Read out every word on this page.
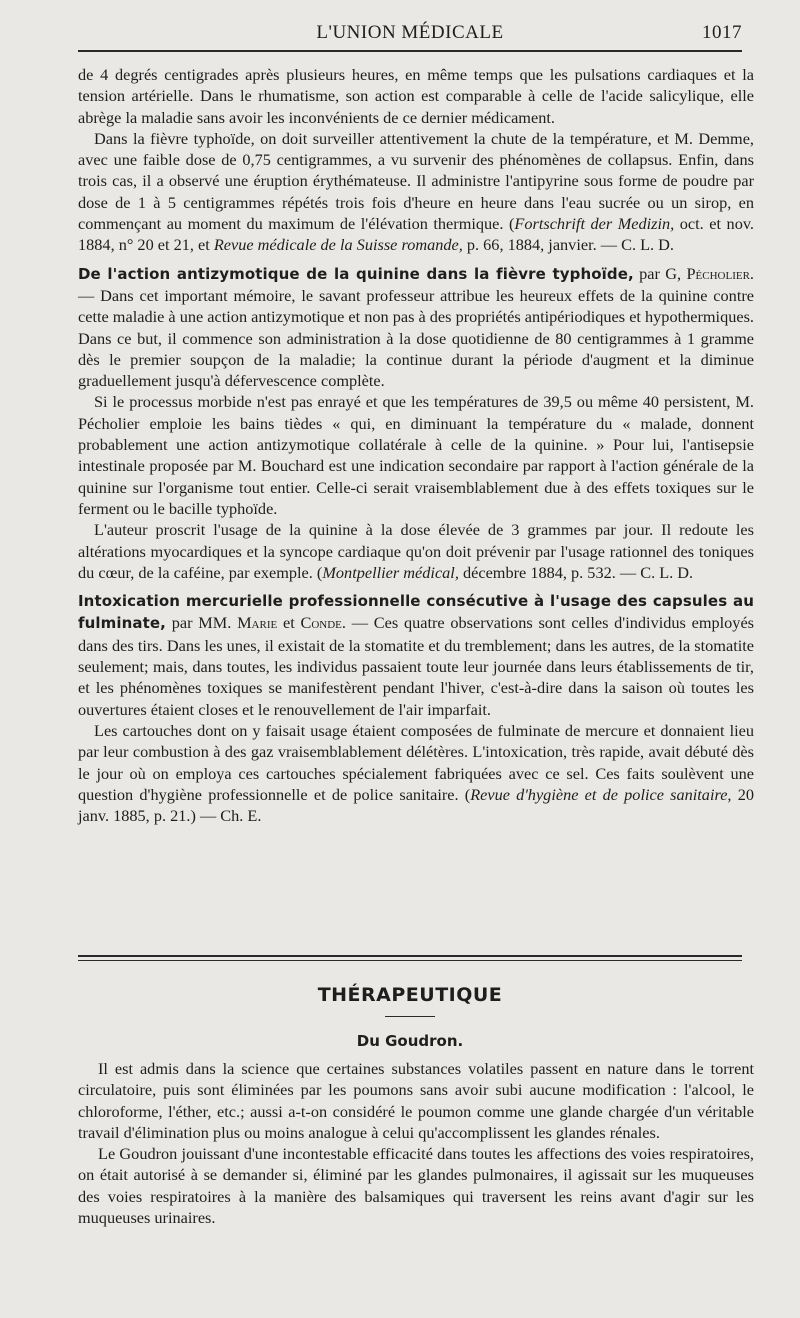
L'UNION MÉDICALE	1017

de 4 degrés centigrades après plusieurs heures, en même temps que les pulsations cardiaques et la tension artérielle. Dans le rhumatisme, son action est comparable à celle de l'acide salicylique, elle abrège la maladie sans avoir les inconvénients de ce dernier médicament.

Dans la fièvre typhoïde, on doit surveiller attentivement la chute de la température, et M. Demme, avec une faible dose de 0,75 centigrammes, a vu survenir des phénomènes de collapsus. Enfin, dans trois cas, il a observé une éruption érythémateuse. Il administre l'antipyrine sous forme de poudre par dose de 1 à 5 centigrammes répétés trois fois d'heure en heure dans l'eau sucrée ou un sirop, en commençant au moment du maximum de l'élévation thermique. (Fortschrift der Medizin, oct. et nov. 1884, n° 20 et 21, et Revue médicale de la Suisse romande, p. 66, 1884, janvier. — C. L. D.

De l'action antizymotique de la quinine dans la fièvre typhoïde, par G, Pécholier. — Dans cet important mémoire, le savant professeur attribue les heureux effets de la quinine contre cette maladie à une action antizymotique et non pas à des propriétés antipériodiques et hypothermiques. Dans ce but, il commence son administration à la dose quotidienne de 80 centigrammes à 1 gramme dès le premier soupçon de la maladie; la continue durant la période d'augment et la diminue graduellement jusqu'à défervescence complète.

Si le processus morbide n'est pas enrayé et que les températures de 39,5 ou même 40 persistent, M. Pécholier emploie les bains tièdes « qui, en diminuant la température du « malade, donnent probablement une action antizymotique collatérale à celle de la quinine. » Pour lui, l'antisepsie intestinale proposée par M. Bouchard est une indication secondaire par rapport à l'action générale de la quinine sur l'organisme tout entier. Celle-ci serait vraisemblablement due à des effets toxiques sur le ferment ou le bacille typhoïde.

L'auteur proscrit l'usage de la quinine à la dose élevée de 3 grammes par jour. Il redoute les altérations myocardiques et la syncope cardiaque qu'on doit prévenir par l'usage rationnel des toniques du cœur, de la caféine, par exemple. (Montpellier médical, décembre 1884, p. 532. — C. L. D.

Intoxication mercurielle professionnelle consécutive à l'usage des capsules au fulminate, par MM. Marie et Conde. — Ces quatre observations sont celles d'individus employés dans des tirs. Dans les unes, il existait de la stomatite et du tremblement; dans les autres, de la stomatite seulement; mais, dans toutes, les individus passaient toute leur journée dans leurs établissements de tir, et les phénomènes toxiques se manifestèrent pendant l'hiver, c'est-à-dire dans la saison où toutes les ouvertures étaient closes et le renouvellement de l'air imparfait.

Les cartouches dont on y faisait usage étaient composées de fulminate de mercure et donnaient lieu par leur combustion à des gaz vraisemblablement délétères. L'intoxication, très rapide, avait débuté dès le jour où on employa ces cartouches spécialement fabriquées avec ce sel. Ces faits soulèvent une question d'hygiène professionnelle et de police sanitaire. (Revue d'hygiène et de police sanitaire, 20 janv. 1885, p. 21.) — Ch. E.

THÉRAPEUTIQUE
Du Goudron.

Il est admis dans la science que certaines substances volatiles passent en nature dans le torrent circulatoire, puis sont éliminées par les poumons sans avoir subi aucune modification : l'alcool, le chloroforme, l'éther, etc.; aussi a-t-on considéré le poumon comme une glande chargée d'un véritable travail d'élimination plus ou moins analogue à celui qu'accomplissent les glandes rénales.

Le Goudron jouissant d'une incontestable efficacité dans toutes les affections des voies respiratoires, on était autorisé à se demander si, éliminé par les glandes pulmonaires, il agissait sur les muqueuses des voies respiratoires à la manière des balsamiques qui traversent les reins avant d'agir sur les muqueuses urinaires.
